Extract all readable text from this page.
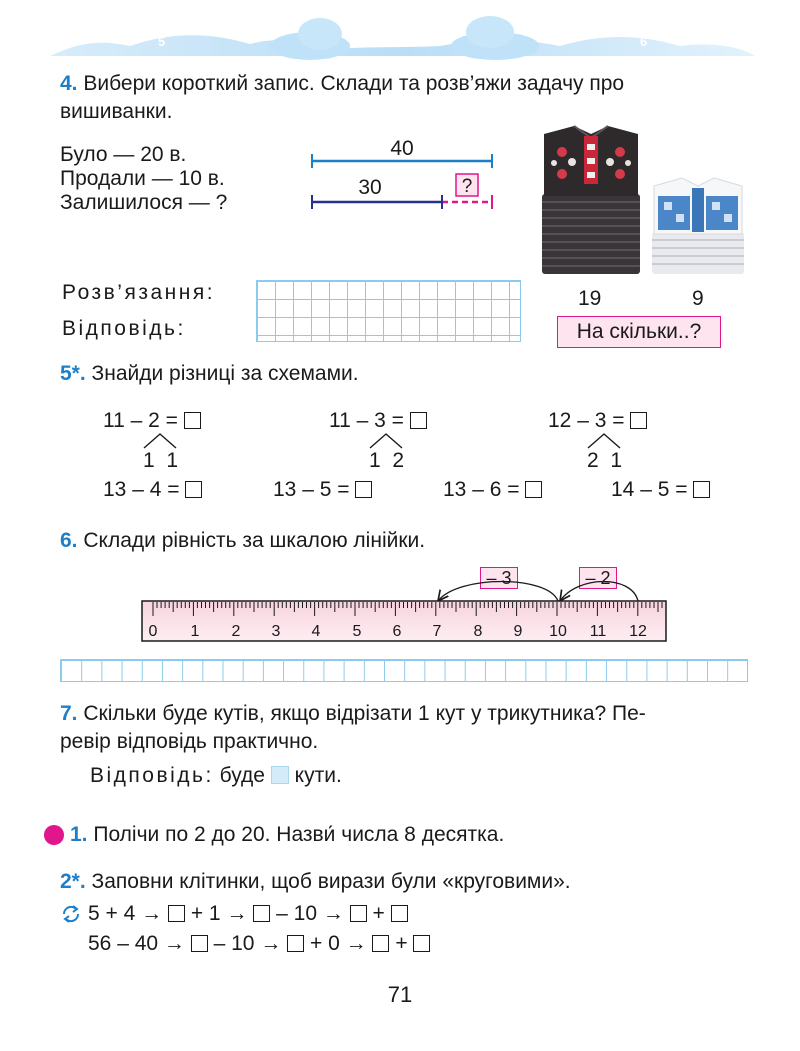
7
5
3
1
0
2
4
6
8
4. Вибери короткий запис. Склади та розв’яжи задачу про
вишиванки.
Було — 20 в.
Продали — 10 в.
Залишилося — ?
40
30	?
Розв’язання:
Відповідь:
19	9
На скільки..?
5*. Знайди різниці за схемами.
11 – 2 =
1  1
11 – 3 =
1  2
12 – 3 =
2  1
13 – 4 =	13 – 5 =	13 – 6 =	14 – 5 =
6. Склади рівність за шкалою лінійки.
– 3	– 2
0 1 2 3 4 5 6 7 8 9 10 11 12
7. Скільки буде кутів, якщо відрізати 1 кут у трикутника? Пе-
ревір відповідь практично.
Відповідь: буде кути.
1. Полічи по 2 до 20. Назви́ числа 8 десятка.
2*. Заповни клітинки, щоб вирази були «круговими».
5 + 4 → + 1 → – 10 → +
56 – 40 → – 10 → + 0 → +
71
